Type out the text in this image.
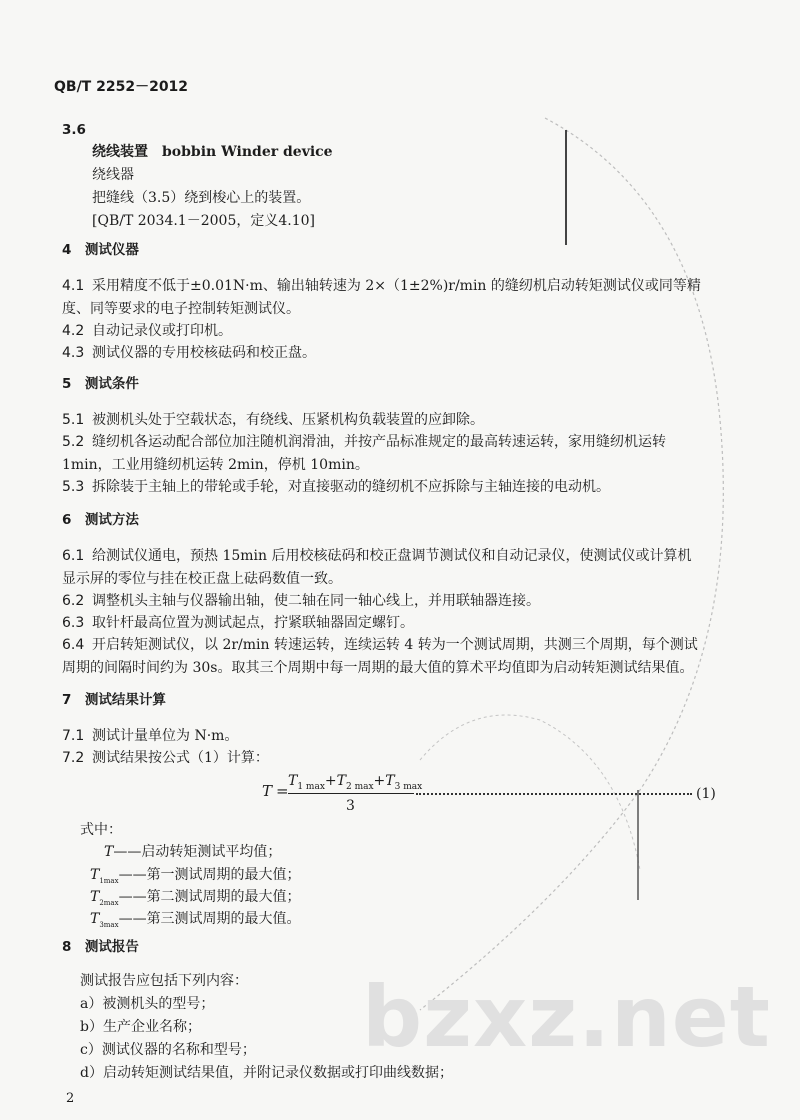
QB/T 2252－2012
3.6
绕线装置　bobbin Winder device
绕线器
把缝线（3.5）绕到梭心上的装置。
[QB/T 2034.1－2005，定义4.10]
4　测试仪器
4.1 采用精度不低于±0.01N·m、输出轴转速为 2×（1±2%)r/min 的缝纫机启动转矩测试仪或同等精
度、同等要求的电子控制转矩测试仪。
4.2 自动记录仪或打印机。
4.3 测试仪器的专用校核砝码和校正盘。
5　测试条件
5.1 被测机头处于空载状态，有绕线、压紧机构负载装置的应卸除。
5.2 缝纫机各运动配合部位加注随机润滑油，并按产品标准规定的最高转速运转，家用缝纫机运转
1min，工业用缝纫机运转 2min，停机 10min。
5.3 拆除装于主轴上的带轮或手轮，对直接驱动的缝纫机不应拆除与主轴连接的电动机。
6　测试方法
6.1 给测试仪通电，预热 15min 后用校核砝码和校正盘调节测试仪和自动记录仪，使测试仪或计算机
显示屏的零位与挂在校正盘上砝码数值一致。
6.2 调整机头主轴与仪器输出轴，使二轴在同一轴心线上，并用联轴器连接。
6.3 取针杆最高位置为测试起点，拧紧联轴器固定螺钉。
6.4 开启转矩测试仪，以 2r/min 转速运转，连续运转 4 转为一个测试周期，共测三个周期，每个测试
周期的间隔时间约为 30s。取其三个周期中每一周期的最大值的算术平均值即为启动转矩测试结果值。
7　测试结果计算
7.1 测试计量单位为 N·m。
7.2 测试结果按公式（1）计算：
T =
$T_{1 max}+T_{2 max}+T_{3 max}$
3
(1)
式中：
T——启动转矩测试平均值；
$T_{1max}——$第一测试周期的最大值；
$T_{2max}——$第二测试周期的最大值；
$T_{3max}——$第三测试周期的最大值。
8　测试报告
测试报告应包括下列内容：
a）被测机头的型号；
b）生产企业名称；
c）测试仪器的名称和型号；
d）启动转矩测试结果值，并附记录仪数据或打印曲线数据；
bzxz.net
2
